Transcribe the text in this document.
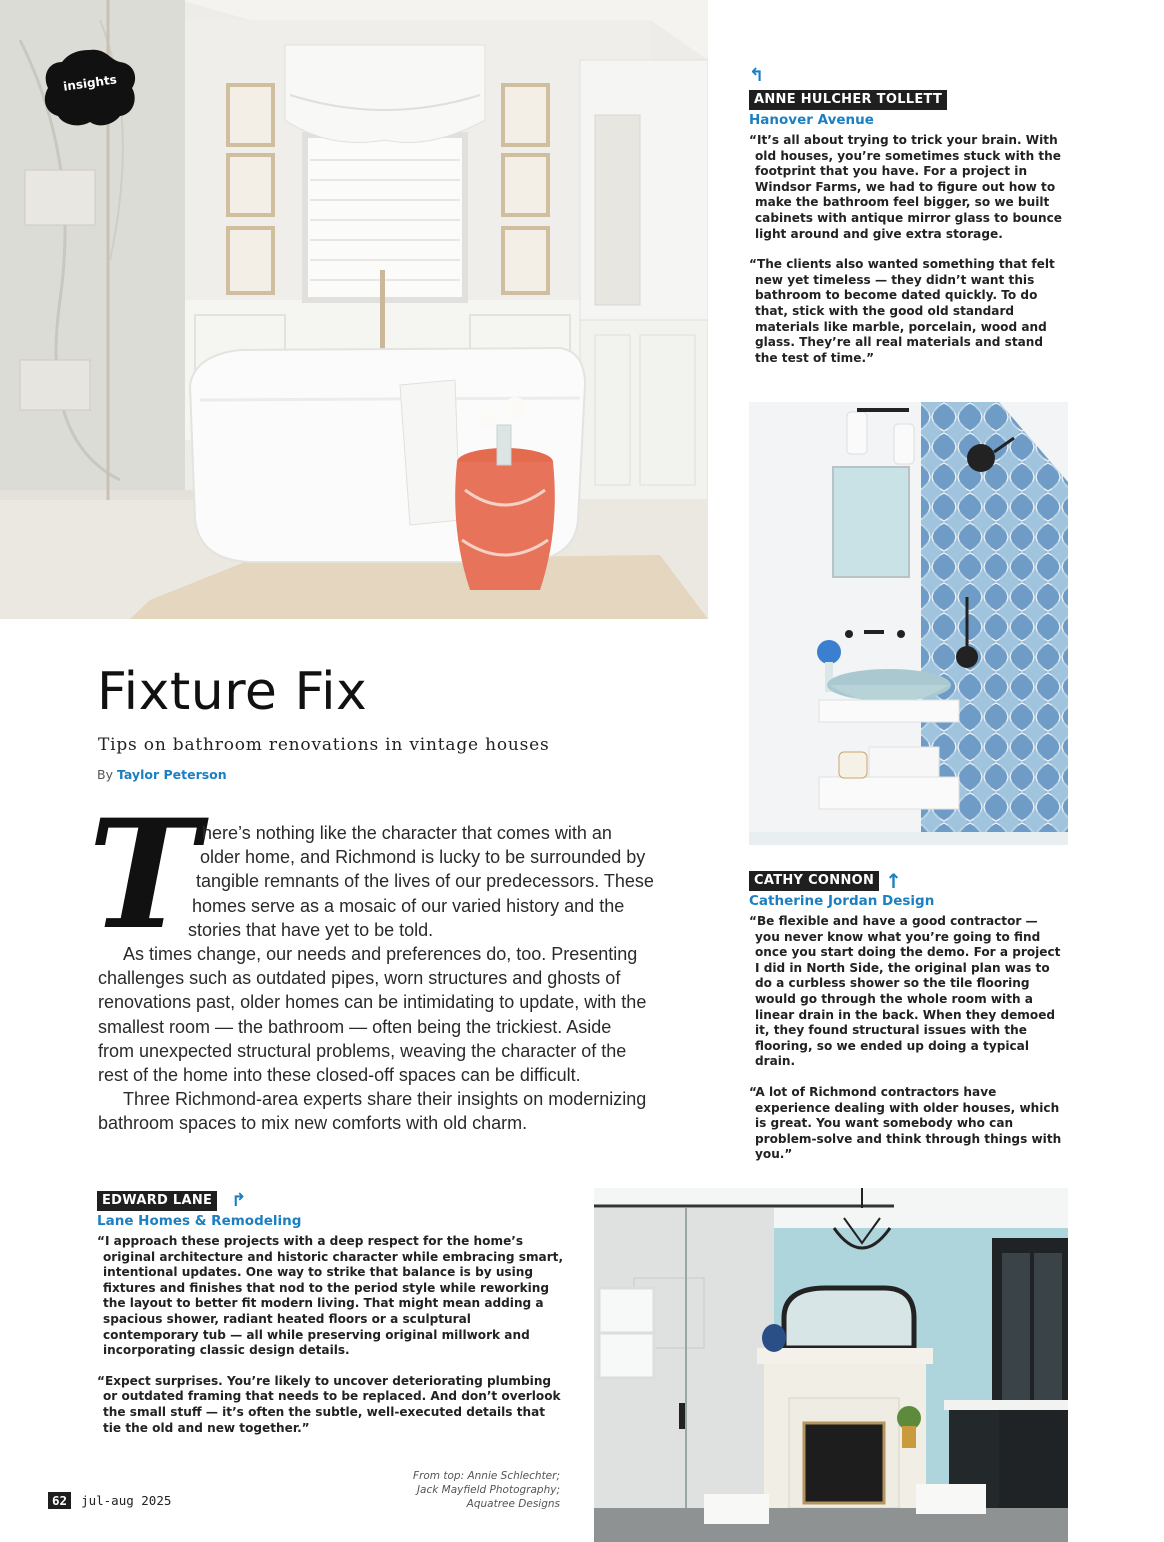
insights	↰
ANNE HULCHER TOLLETT
Hanover Avenue

“It’s all about trying to trick your brain. With old houses, you’re sometimes stuck with the footprint that you have. For a project in Windsor Farms, we had to figure out how to make the bathroom feel bigger, so we built cabinets with antique mirror glass to bounce light around and give extra storage.

“The clients also wanted something that felt new yet timeless — they didn’t want this bathroom to become dated quickly. To do that, stick with the good old standard materials like marble, porcelain, wood and glass. They’re all real materials and stand the test of time.”

CATHY CONNON ↑
Catherine Jordan Design

“Be flexible and have a good contractor — you never know what you’re going to find once you start doing the demo. For a project I did in North Side, the original plan was to do a curbless shower so the tile flooring would go through the whole room with a linear drain in the back. When they demoed it, they found structural issues with the flooring, so we ended up doing a typical drain.

“A lot of Richmond contractors have experience dealing with older houses, which is great. You want somebody who can problem-solve and think through things with you.”

Fixture Fix

Tips on bathroom renovations in vintage houses

By Taylor Peterson
T here’s nothing like the character that comes with an
older home, and Richmond is lucky to be surrounded by
tangible remnants of the lives of our predecessors. These
homes serve as a mosaic of our varied history and the
stories that have yet to be told.
As times change, our needs and preferences do, too. Presenting
challenges such as outdated pipes, worn structures and ghosts of
renovations past, older homes can be intimidating to update, with the
smallest room — the bathroom — often being the trickiest. Aside
from unexpected structural problems, weaving the character of the
rest of the home into these closed-off spaces can be difficult.
Three Richmond-area experts share their insights on modernizing
bathroom spaces to mix new comforts with old charm.
EDWARD LANE ↱
Lane Homes & Remodeling

“I approach these projects with a deep respect for the home’s original architecture and historic character while embracing smart, intentional updates. One way to strike that balance is by using fixtures and finishes that nod to the period style while reworking the layout to better fit modern living. That might mean adding a spacious shower, radiant heated floors or a sculptural contemporary tub — all while preserving original millwork and incorporating classic design details.

“Expect surprises. You’re likely to uncover deteriorating plumbing or outdated framing that needs to be replaced. And don’t overlook the small stuff — it’s often the subtle, well-executed details that tie the old and new together.”

From top: Annie Schlechter;
Jack Mayfield Photography;
Aquatree Designs
62 jul-aug 2025
